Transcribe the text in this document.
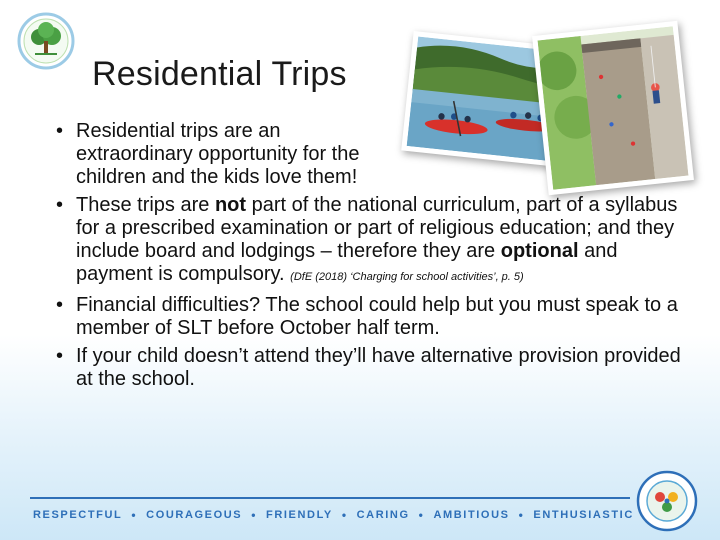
Residential Trips
• Residential trips are an extraordinary opportunity for the children and the kids love them!
• These trips are not part of the national curriculum, part of a syllabus for a prescribed examination or part of religious education; and they include board and lodgings – therefore they are optional and payment is compulsory. (DfE (2018) ‘Charging for school activities’, p. 5)
• Financial difficulties? The school could help but you must speak to a member of SLT before October half term.
• If your child doesn’t attend they’ll have alternative provision provided at the school.
RESPECTFUL • COURAGEOUS • FRIENDLY • CARING • AMBITIOUS • ENTHUSIASTIC
